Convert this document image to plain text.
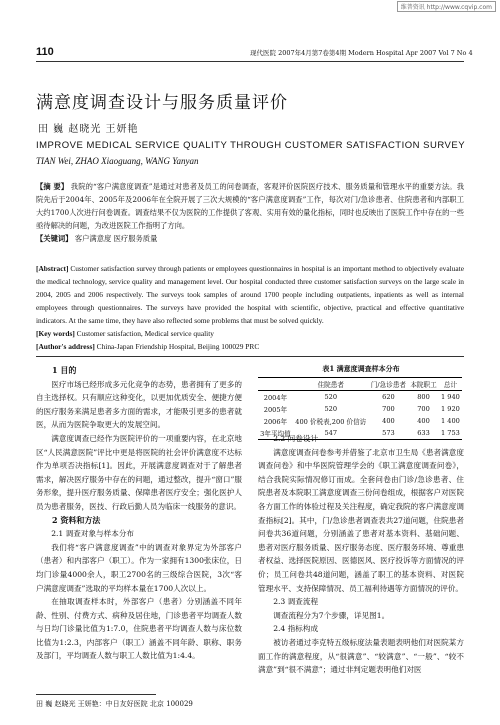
维普资讯 http://www.cqvip.com
110	现代医院 2007年4月第7卷第4期 Modern Hospital Apr 2007 Vol 7 No 4
满意度调查设计与服务质量评价
田 巍 赵晓光 王妍艳
IMPROVE MEDICAL SERVICE QUALITY THROUGH CUSTOMER SATISFACTION SURVEY
TIAN Wei, ZHAO Xiaoguang, WANG Yanyan
【摘 要】 我院的“客户满意度调查”是通过对患者及员工的问卷调查，客观评价医院医疗技术、服务质量和管理水平的重要方法。我院先后于2004年、2005年及2006年在全院开展了三次大规模的“客户满意度调查”工作，每次对门/急诊患者、住院患者和内部职工大约1700人次进行问卷调查。调查结果不仅为医院的工作提供了客观、实用有效的量化指标，同时也反映出了医院工作中存在的一些亟待解决的问题，为改进医院工作指明了方向。
【关键词】 客户满意度 医疗服务质量
[Abstract] Customer satisfaction survey through patients or employees questionnaires in hospital is an important method to objectively evaluate the medical technology, service quality and management level. Our hospital conducted three customer satisfaction surveys on the large scale in 2004, 2005 and 2006 respectively. The surveys took samples of around 1700 people including outpatients, inpatients as well as internal employees through questionnaires. The surveys have provided the hospital with scientific, objective, practical and effective quantitative indicators. At the same time, they have also reflected some problems that must be solved quickly.
[Key words] Customer satisfaction, Medical service quality
[Author's address] China-Japan Friendship Hospital, Beijing 100029 PRC

1 目的

医疗市场已经形成多元化竞争的态势，患者拥有了更多的自主选择权。只有顺应这种变化，以更加优质安全、便捷方便的医疗服务来满足患者多方面的需求，才能吸引更多的患者就医，从而为医院争取更大的发展空间。

满意度调查已经作为医院评价的一项重要内容，在北京地区“人民满意医院”评比中更是将医院的社会评价满意度不达标作为单项否决指标[1]。因此，开展满意度调查对于了解患者需求，解决医疗服务中存在的问题，通过整改，提升“窗口”服务形象，提升医疗服务质量、保障患者医疗安全；强化医护人员为患者服务，医技、行政后勤人员为临床一线服务的意识。

2 资料和方法

2.1 调查对象与样本分布

我们将“客户满意度调查”中的调查对象界定为外部客户（患者）和内部客户（职工）。作为一家拥有1300张床位，日均门诊量4000余人，职工2700名的三级综合医院，3次“客户满意度调查”选取的平均样本量在1700人次以上。

在抽取调查样本时，外部客户（患者）分别涵盖不同年龄、性别、付费方式、病种及居住地，门诊患者平均调查人数与日均门诊量比值为1:7.0，住院患者平均调查人数与床位数比值为1:2.3，内部客户（职工）涵盖不同年龄、职称、职务及部门，平均调查人数与职工人数比值为1:4.4。

表1 满意度调查样本分布
	住院患者	门/急诊患者	本院职工	总计
2004年	520	620	800	1 940
2005年	520	700	700	1 920
2006年	400 价税表,200 价信访	400	400	1 400
3年平均值	547	573	633	1 753

2.2 问卷设计

满意度调查问卷参考并借鉴了北京市卫生局《患者满意度调查问卷》和中华医院管理学会的《职工满意度调查问卷》，结合我院实际情况修订而成。全套问卷由门诊/急诊患者、住院患者及本院职工满意度调查三份问卷组成，根据客户对医院各方面工作的体验过程及关注程度，确定我院的客户满意度调查指标[2]。其中，门/急诊患者调查表共27道问题，住院患者问卷共36道问题，分别涵盖了患者对基本资料、基础问题、患者对医疗服务质量、医疗服务态度、医疗服务环境、尊重患者权益、选择医院原因、医德医风、医疗投诉等方面情况的评价；员工问卷共48道问题，涵盖了职工的基本资料、对医院管理水平、支持保障情况、员工福利待遇等方面情况的评价。

2.3 调查流程

调查流程分为7个步骤，详见图1。

2.4 指标构成

被访者通过李克特五级标度法量表题表明他们对医院某方面工作的满意程度，从“很满意”、“较满意”、“一般”、“较不满意”到“很不满意”；通过非判定题表明他们对医

田 巍 赵晓光 王妍艳：中日友好医院 北京 100029
